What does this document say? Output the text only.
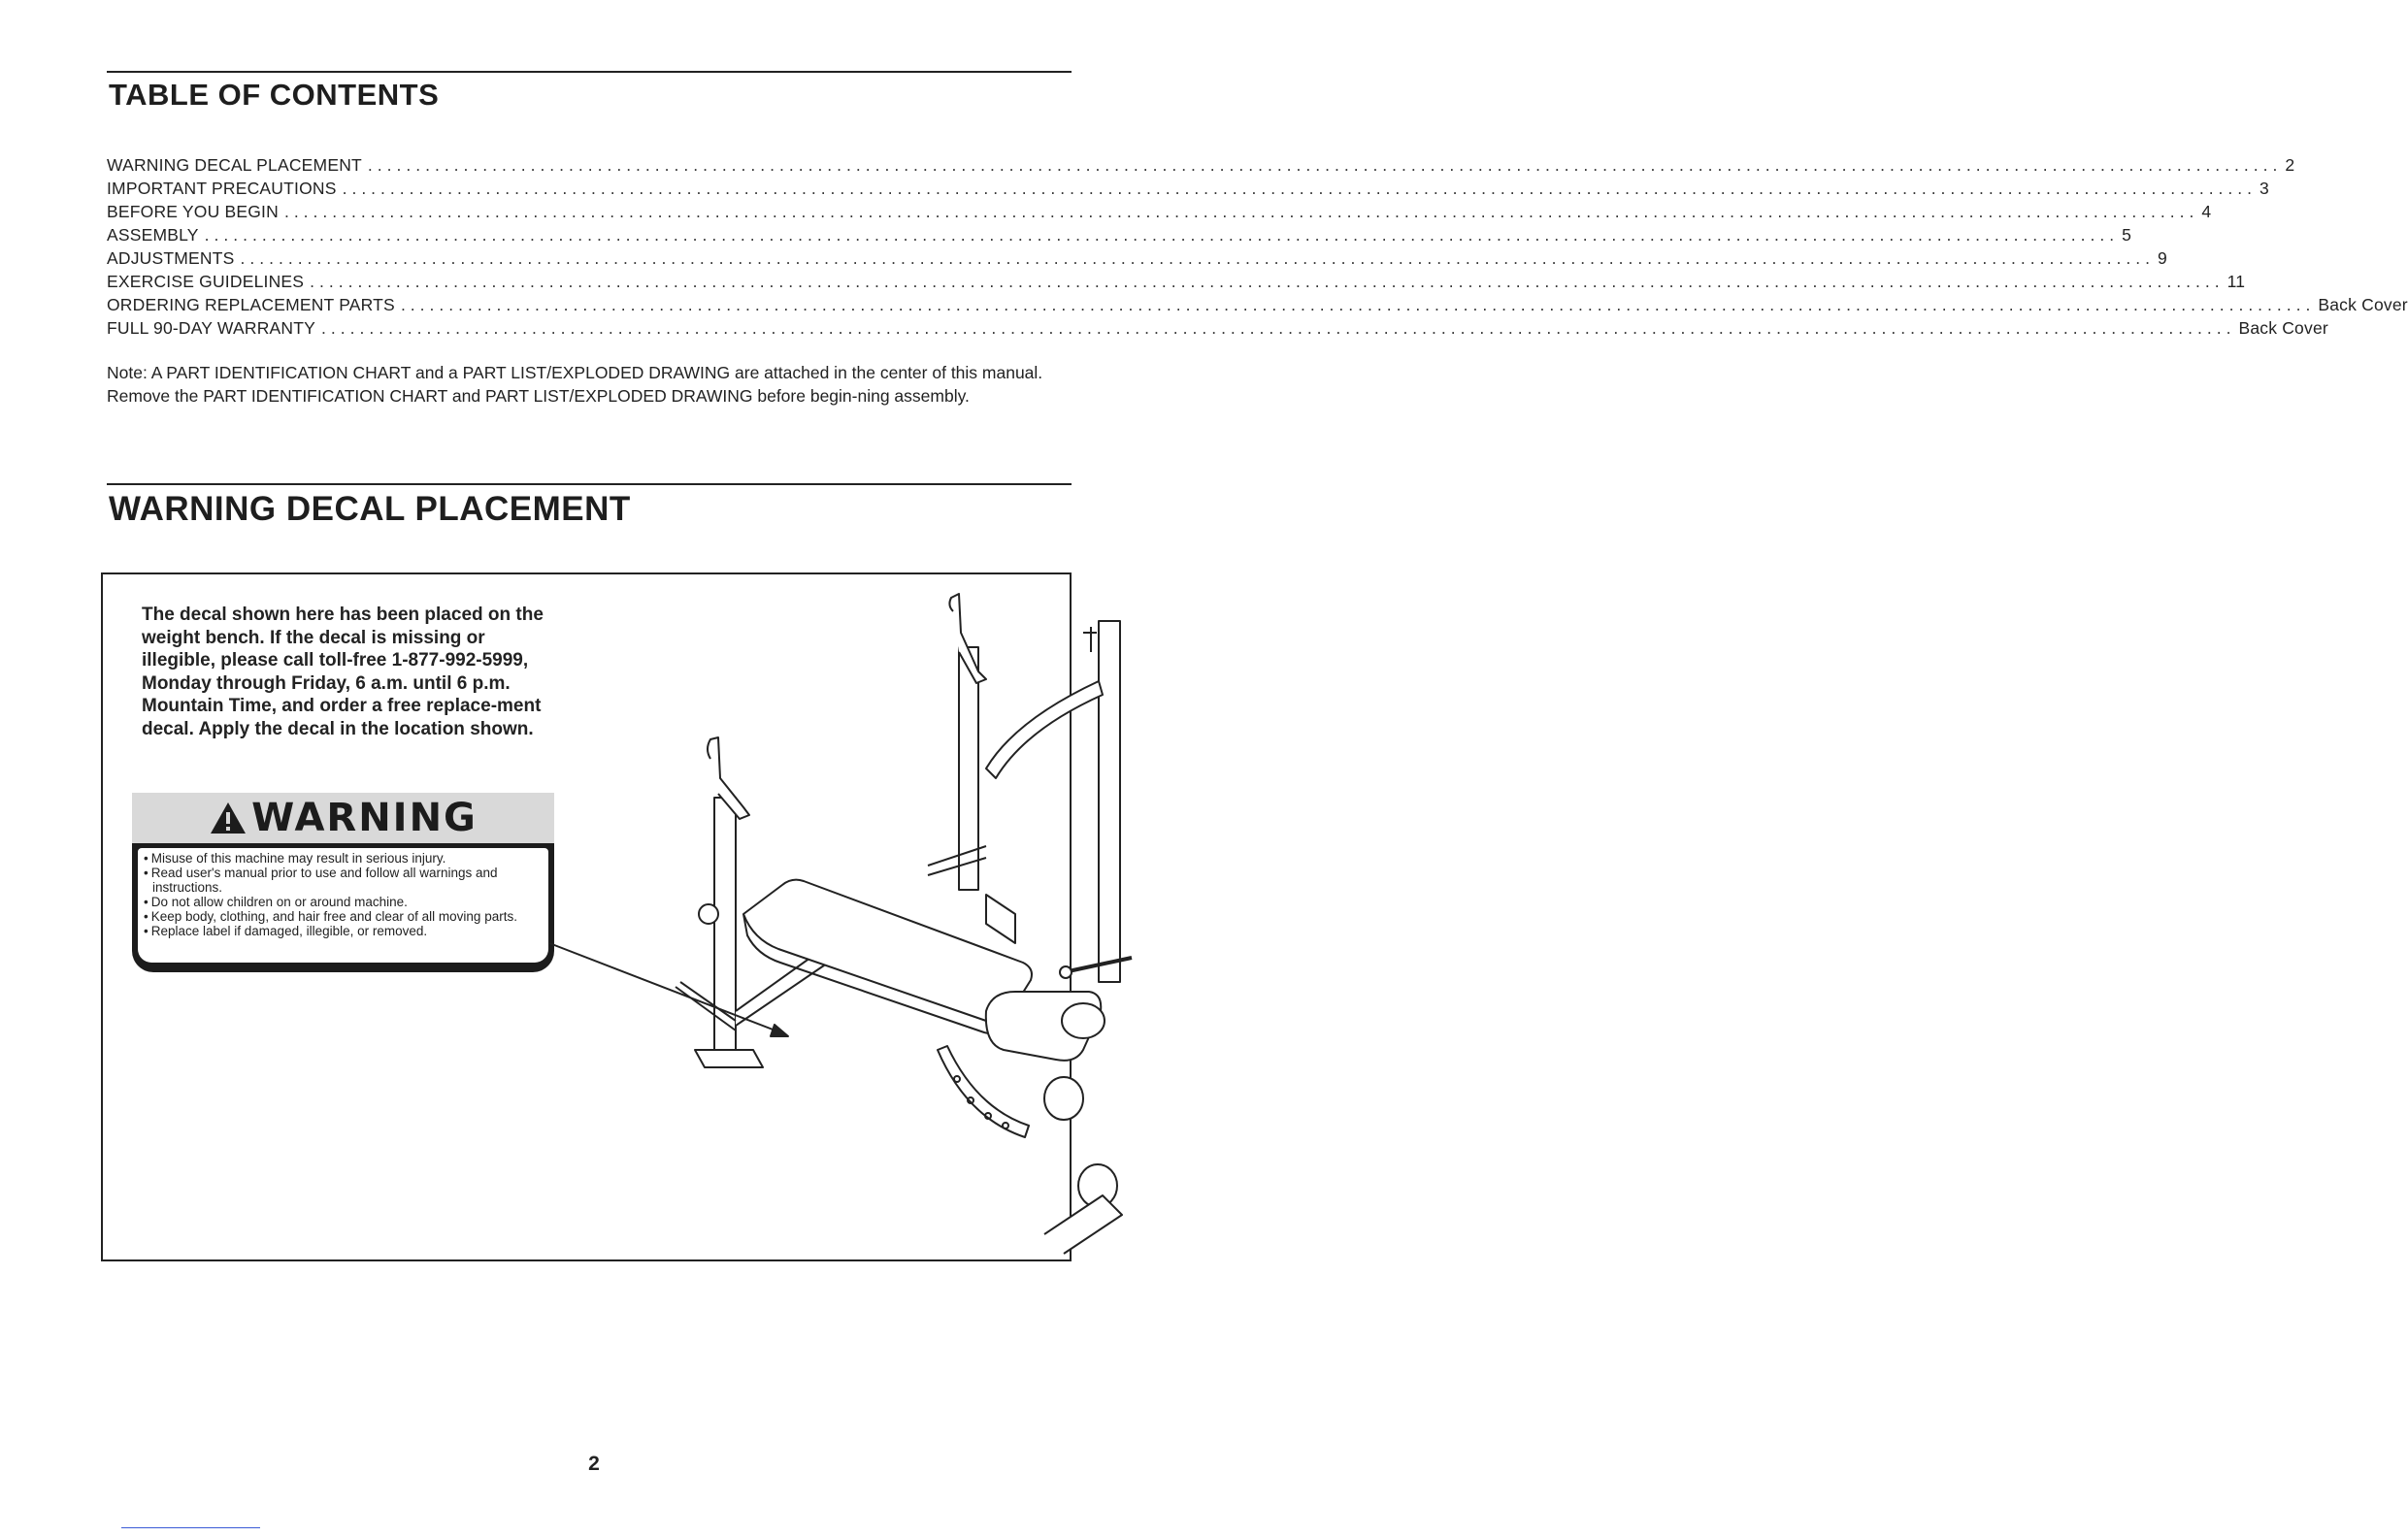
TABLE OF CONTENTS
WARNING DECAL PLACEMENT ........................................................................................................................................................................................................ 2
IMPORTANT PRECAUTIONS ........................................................................................................................................................................................................ 3
BEFORE YOU BEGIN ........................................................................................................................................................................................................ 4
ASSEMBLY ........................................................................................................................................................................................................ 5
ADJUSTMENTS ........................................................................................................................................................................................................ 9
EXERCISE GUIDELINES ........................................................................................................................................................................................................ 11
ORDERING REPLACEMENT PARTS ........................................................................................................................................................................................................ Back Cover
FULL 90-DAY WARRANTY ........................................................................................................................................................................................................ Back Cover

Note: A PART IDENTIFICATION CHART and a PART LIST/EXPLODED DRAWING are attached in the center of this manual. Remove the PART IDENTIFICATION CHART and PART LIST/EXPLODED DRAWING before begin-ning assembly.

WARNING DECAL PLACEMENT

The decal shown here has been placed on the weight bench. If the decal is missing or illegible, please call toll-free 1-877-992-5999, Monday through Friday, 6 a.m. until 6 p.m. Mountain Time, and order a free replace-ment decal. Apply the decal in the location shown.

WARNING
• Misuse of this machine may result in serious injury.
• Read user's manual prior to use and follow all warnings and instructions.
• Do not allow children on or around machine.
• Keep body, clothing, and hair free and clear of all moving parts.
• Replace label if damaged, illegible, or removed.
2
